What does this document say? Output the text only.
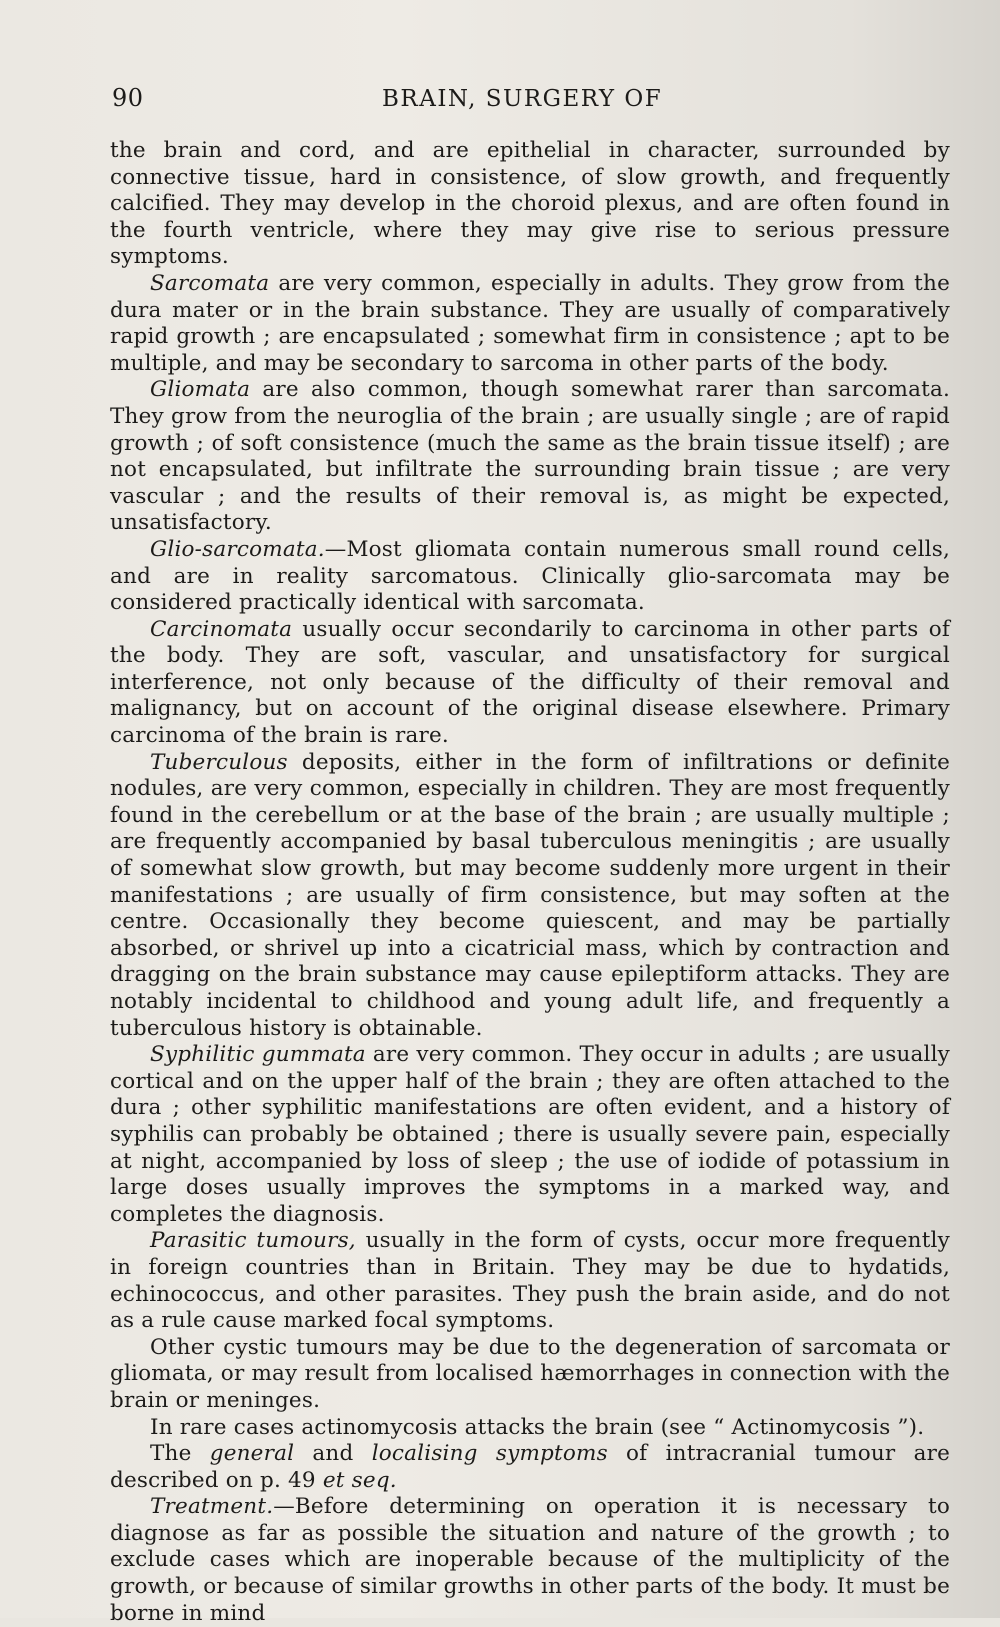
90	BRAIN, SURGERY OF

the brain and cord, and are epithelial in character, surrounded by connective tissue, hard in consistence, of slow growth, and frequently calcified. They may develop in the choroid plexus, and are often found in the fourth ventricle, where they may give rise to serious pressure symptoms.

Sarcomata are very common, especially in adults. They grow from the dura mater or in the brain substance. They are usually of comparatively rapid growth ; are encapsulated ; somewhat firm in consistence ; apt to be multiple, and may be secondary to sarcoma in other parts of the body.

Gliomata are also common, though somewhat rarer than sarcomata. They grow from the neuroglia of the brain ; are usually single ; are of rapid growth ; of soft consistence (much the same as the brain tissue itself) ; are not encapsulated, but infiltrate the surrounding brain tissue ; are very vascular ; and the results of their removal is, as might be expected, unsatisfactory.

Glio-sarcomata.—Most gliomata contain numerous small round cells, and are in reality sarcomatous. Clinically glio-sarcomata may be considered practically identical with sarcomata.

Carcinomata usually occur secondarily to carcinoma in other parts of the body. They are soft, vascular, and unsatisfactory for surgical interference, not only because of the difficulty of their removal and malignancy, but on account of the original disease elsewhere. Primary carcinoma of the brain is rare.

Tuberculous deposits, either in the form of infiltrations or definite nodules, are very common, especially in children. They are most frequently found in the cerebellum or at the base of the brain ; are usually multiple ; are frequently accompanied by basal tuberculous meningitis ; are usually of somewhat slow growth, but may become suddenly more urgent in their manifestations ; are usually of firm consistence, but may soften at the centre. Occasionally they become quiescent, and may be partially absorbed, or shrivel up into a cicatricial mass, which by contraction and dragging on the brain substance may cause epileptiform attacks. They are notably incidental to childhood and young adult life, and frequently a tuberculous history is obtainable.

Syphilitic gummata are very common. They occur in adults ; are usually cortical and on the upper half of the brain ; they are often attached to the dura ; other syphilitic manifestations are often evident, and a history of syphilis can probably be obtained ; there is usually severe pain, especially at night, accompanied by loss of sleep ; the use of iodide of potassium in large doses usually improves the symptoms in a marked way, and completes the diagnosis.

Parasitic tumours, usually in the form of cysts, occur more frequently in foreign countries than in Britain. They may be due to hydatids, echinococcus, and other parasites. They push the brain aside, and do not as a rule cause marked focal symptoms.

Other cystic tumours may be due to the degeneration of sarcomata or gliomata, or may result from localised hæmorrhages in connection with the brain or meninges.

In rare cases actinomycosis attacks the brain (see “ Actinomycosis ”).

The general and localising symptoms of intracranial tumour are described on p. 49 et seq.

Treatment.—Before determining on operation it is necessary to diagnose as far as possible the situation and nature of the growth ; to exclude cases which are inoperable because of the multiplicity of the growth, or because of similar growths in other parts of the body. It must be borne in mind
